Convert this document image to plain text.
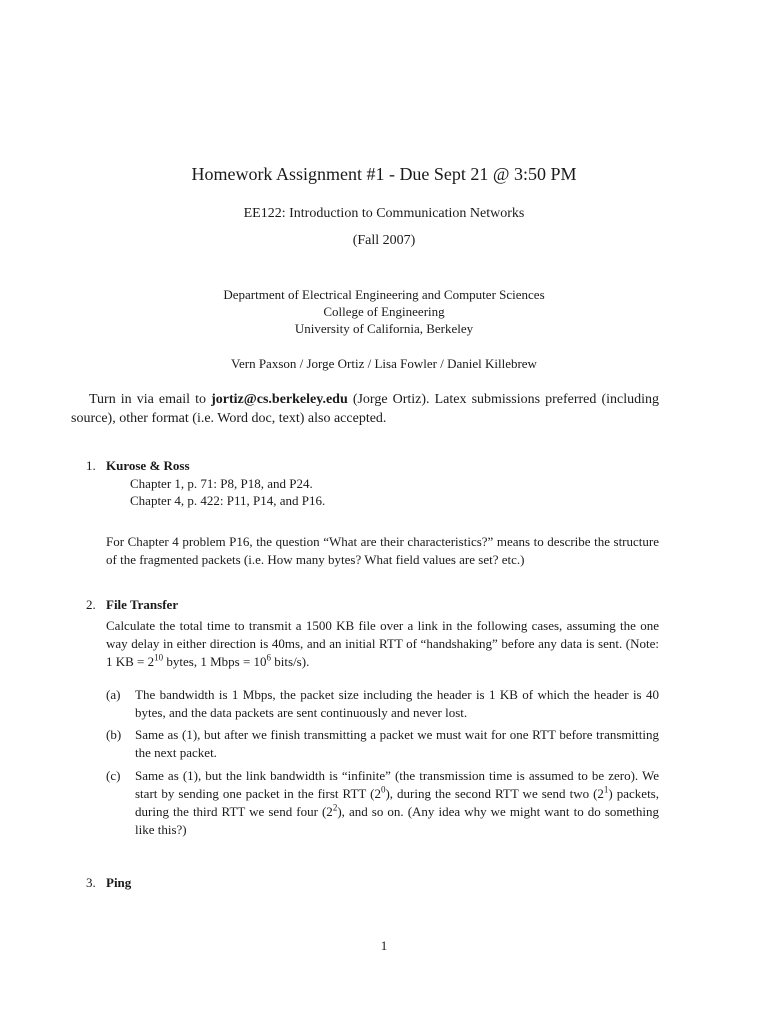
Homework Assignment #1 - Due Sept 21 @ 3:50 PM
EE122: Introduction to Communication Networks
(Fall 2007)
Department of Electrical Engineering and Computer Sciences
College of Engineering
University of California, Berkeley
Vern Paxson / Jorge Ortiz / Lisa Fowler / Daniel Killebrew
Turn in via email to jortiz@cs.berkeley.edu (Jorge Ortiz). Latex submissions preferred (including source), other format (i.e. Word doc, text) also accepted.
1. Kurose & Ross
Chapter 1, p. 71: P8, P18, and P24.
Chapter 4, p. 422: P11, P14, and P16.
For Chapter 4 problem P16, the question “What are their characteristics?” means to describe the structure of the fragmented packets (i.e. How many bytes? What field values are set? etc.)
2. File Transfer
Calculate the total time to transmit a 1500 KB file over a link in the following cases, assuming the one way delay in either direction is 40ms, and an initial RTT of “handshaking” before any data is sent. (Note: 1 KB = $2^{10}$ bytes, 1 Mbps = $10^6$ bits/s).
(a)	The bandwidth is 1 Mbps, the packet size including the header is 1 KB of which the header is 40 bytes, and the data packets are sent continuously and never lost.
(b)	Same as (1), but after we finish transmitting a packet we must wait for one RTT before transmitting the next packet.
(c)	Same as (1), but the link bandwidth is “infinite” (the transmission time is assumed to be zero). We start by sending one packet in the first RTT $(2^0)$, during the second RTT we send two $(2^1)$ packets, during the third RTT we send four $(2^2)$, and so on. (Any idea why we might want to do something like this?)
3. Ping
1
